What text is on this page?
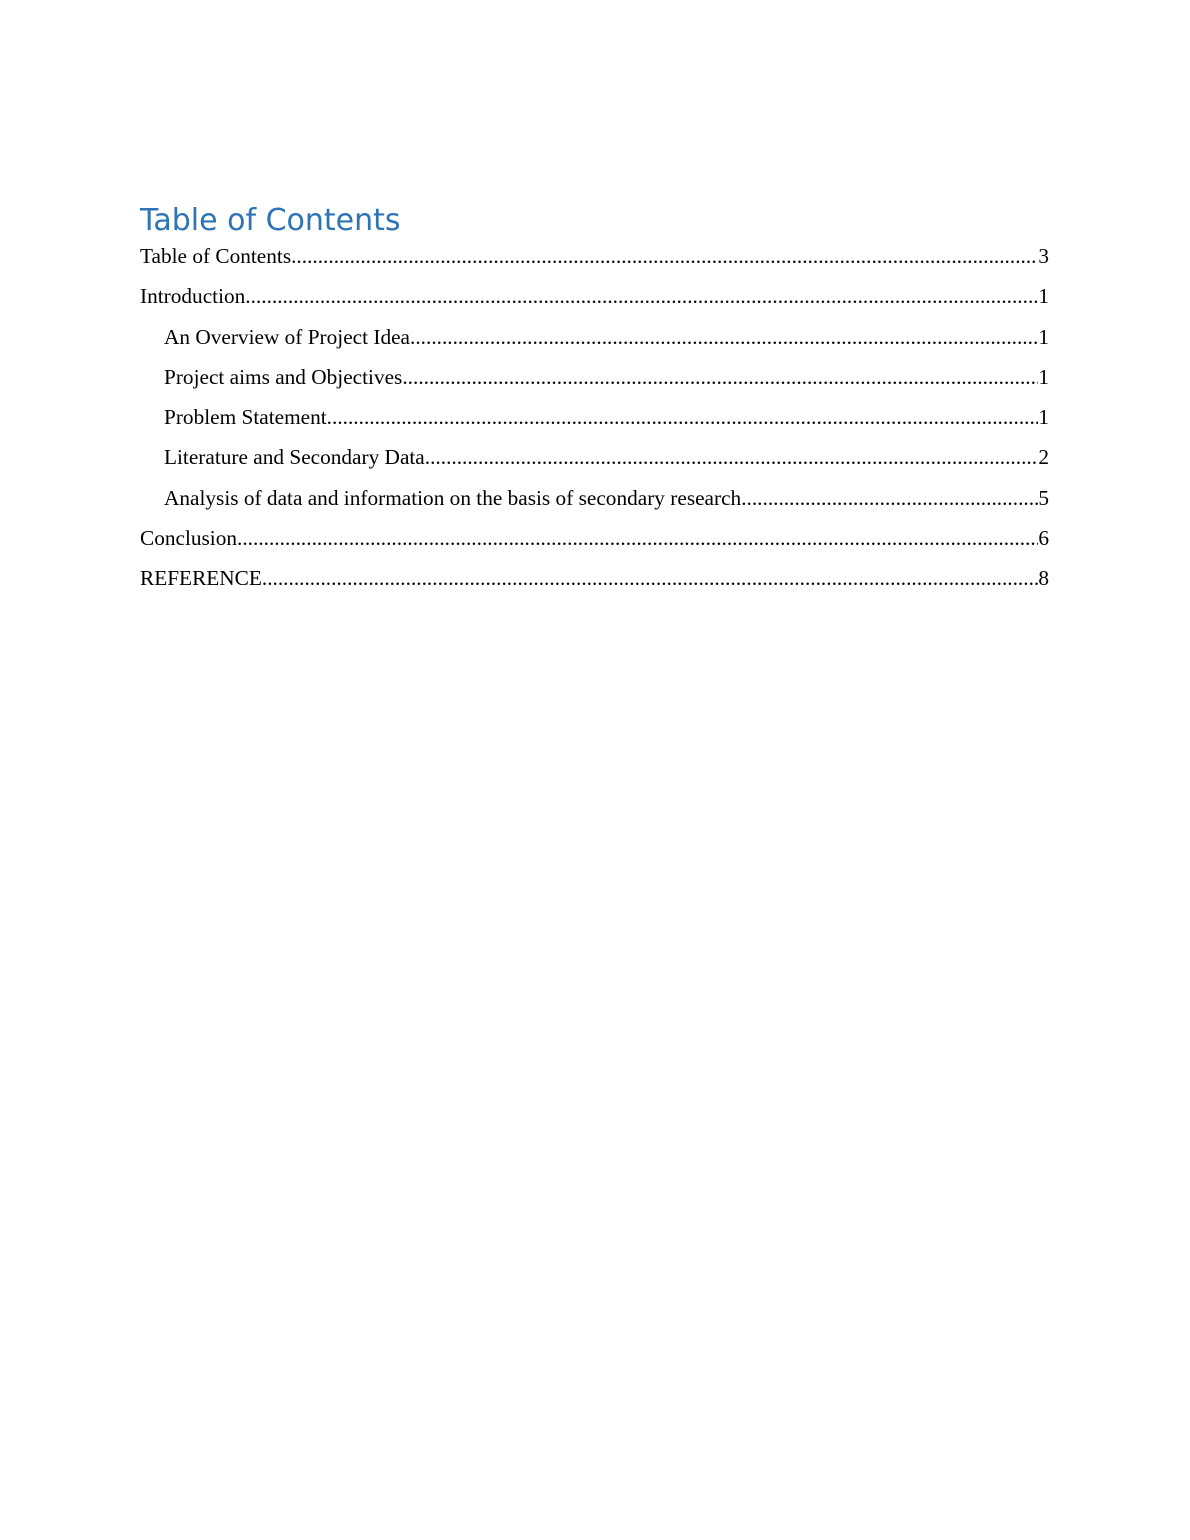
Table of Contents
Table of Contents .....	3
Introduction .....	1
An Overview of Project Idea .....	1
Project aims and Objectives .....	1
Problem Statement .....	1
Literature and Secondary Data .....	2
Analysis of data and information on the basis of secondary research .....	5
Conclusion .....	6
REFERENCE .....	8
